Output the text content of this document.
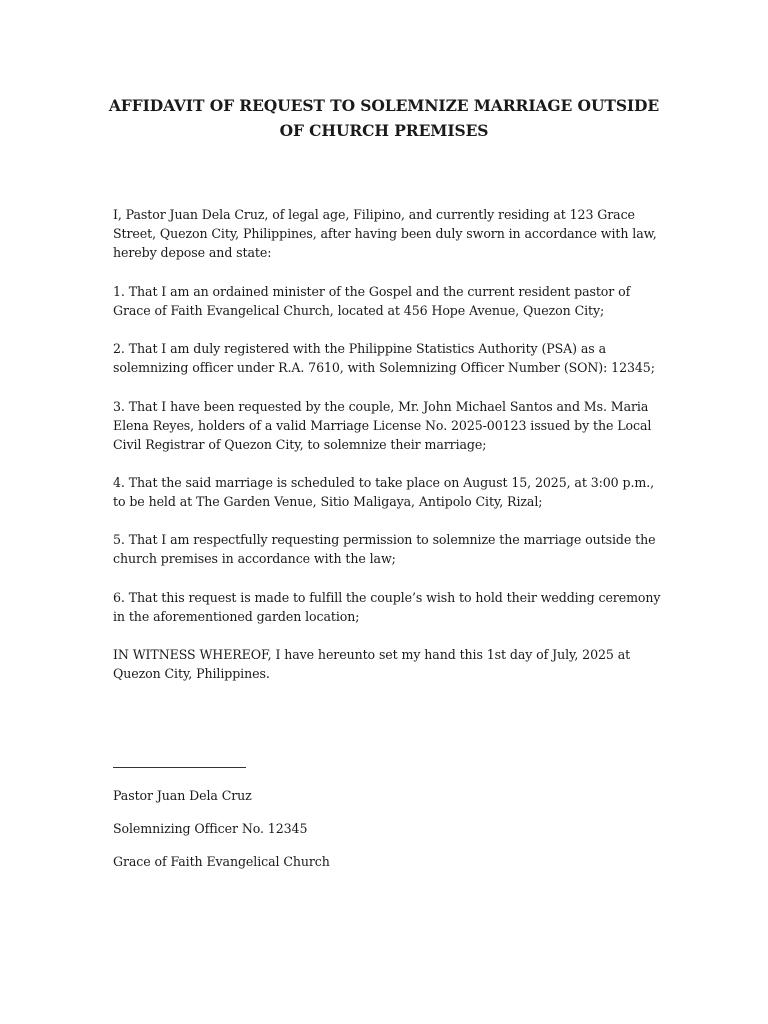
AFFIDAVIT OF REQUEST TO SOLEMNIZE MARRIAGE OUTSIDE OF CHURCH PREMISES

I, Pastor Juan Dela Cruz, of legal age, Filipino, and currently residing at 123 Grace Street, Quezon City, Philippines, after having been duly sworn in accordance with law, hereby depose and state:

1. That I am an ordained minister of the Gospel and the current resident pastor of Grace of Faith Evangelical Church, located at 456 Hope Avenue, Quezon City;

2. That I am duly registered with the Philippine Statistics Authority (PSA) as a solemnizing officer under R.A. 7610, with Solemnizing Officer Number (SON): 12345;

3. That I have been requested by the couple, Mr. John Michael Santos and Ms. Maria Elena Reyes, holders of a valid Marriage License No. 2025-00123 issued by the Local Civil Registrar of Quezon City, to solemnize their marriage;

4. That the said marriage is scheduled to take place on August 15, 2025, at 3:00 p.m., to be held at The Garden Venue, Sitio Maligaya, Antipolo City, Rizal;

5. That I am respectfully requesting permission to solemnize the marriage outside the church premises in accordance with the law;

6. That this request is made to fulfill the couple’s wish to hold their wedding ceremony in the aforementioned garden location;

IN WITNESS WHEREOF, I have hereunto set my hand this 1st day of July, 2025 at Quezon City, Philippines.

Pastor Juan Dela Cruz
Solemnizing Officer No. 12345
Grace of Faith Evangelical Church
